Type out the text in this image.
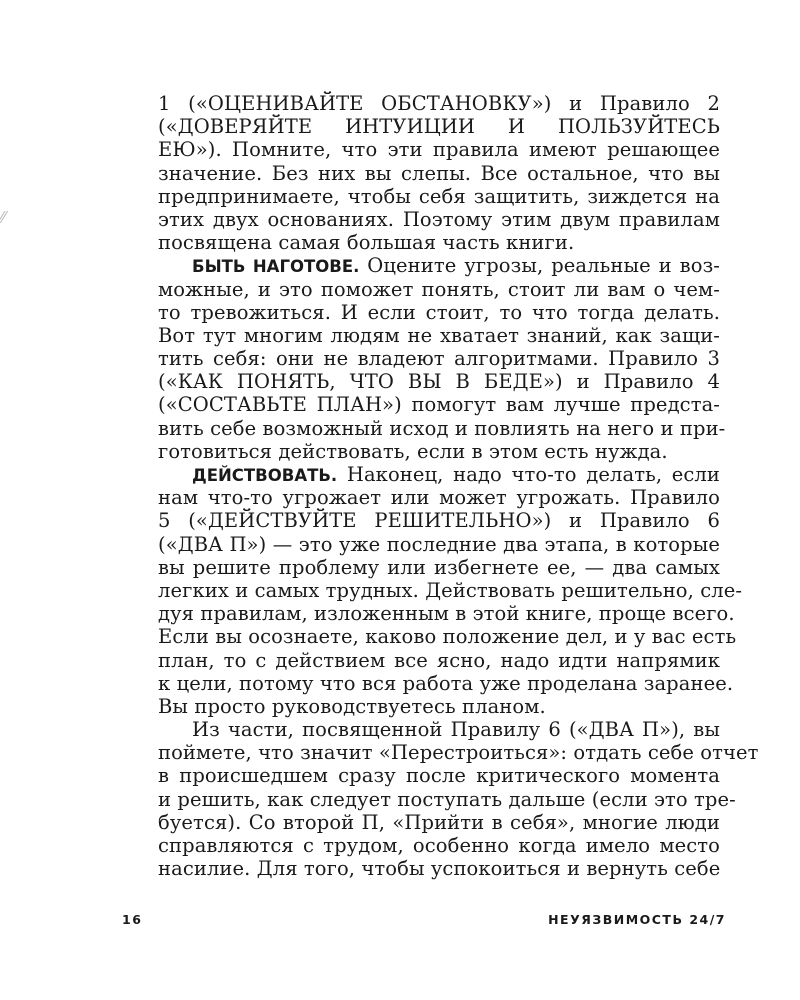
⁄⁄
1 («ОЦЕНИВАЙТЕ ОБСТАНОВКУ») и Правило 2
(«ДОВЕРЯЙТЕ ИНТУИЦИИ И ПОЛЬЗУЙТЕСЬ
ЕЮ»). Помните, что эти правила имеют решающее
значение. Без них вы слепы. Все остальное, что вы
предпринимаете, чтобы себя защитить, зиждется на
этих двух основаниях. Поэтому этим двум правилам
посвящена самая большая часть книги.
БЫТЬ НАГОТОВЕ. Оцените угрозы, реальные и воз-
можные, и это поможет понять, стоит ли вам о чем-
то тревожиться. И если стоит, то что тогда делать.
Вот тут многим людям не хватает знаний, как защи-
тить себя: они не владеют алгоритмами. Правило 3
(«КАК ПОНЯТЬ, ЧТО ВЫ В БЕДЕ») и Правило 4
(«СОСТАВЬТЕ ПЛАН») помогут вам лучше предста-
вить себе возможный исход и повлиять на него и при-
готовиться действовать, если в этом есть нужда.
ДЕЙСТВОВАТЬ. Наконец, надо что-то делать, если
нам что-то угрожает или может угрожать. Правило
5 («ДЕЙСТВУЙТЕ РЕШИТЕЛЬНО») и Правило 6
(«ДВА П») — это уже последние два этапа, в которые
вы решите проблему или избегнете ее, — два самых
легких и самых трудных. Действовать решительно, сле-
дуя правилам, изложенным в этой книге, проще всего.
Если вы осознаете, каково положение дел, и у вас есть
план, то с действием все ясно, надо идти напрямик
к цели, потому что вся работа уже проделана заранее.
Вы просто руководствуетесь планом.
Из части, посвященной Правилу 6 («ДВА П»), вы
поймете, что значит «Перестроиться»: отдать себе отчет
в происшедшем сразу после критического момента
и решить, как следует поступать дальше (если это тре-
буется). Со второй П, «Прийти в себя», многие люди
справляются с трудом, особенно когда имело место
насилие. Для того, чтобы успокоиться и вернуть себе
16	НЕУЯЗВИМОСТЬ 24/7
